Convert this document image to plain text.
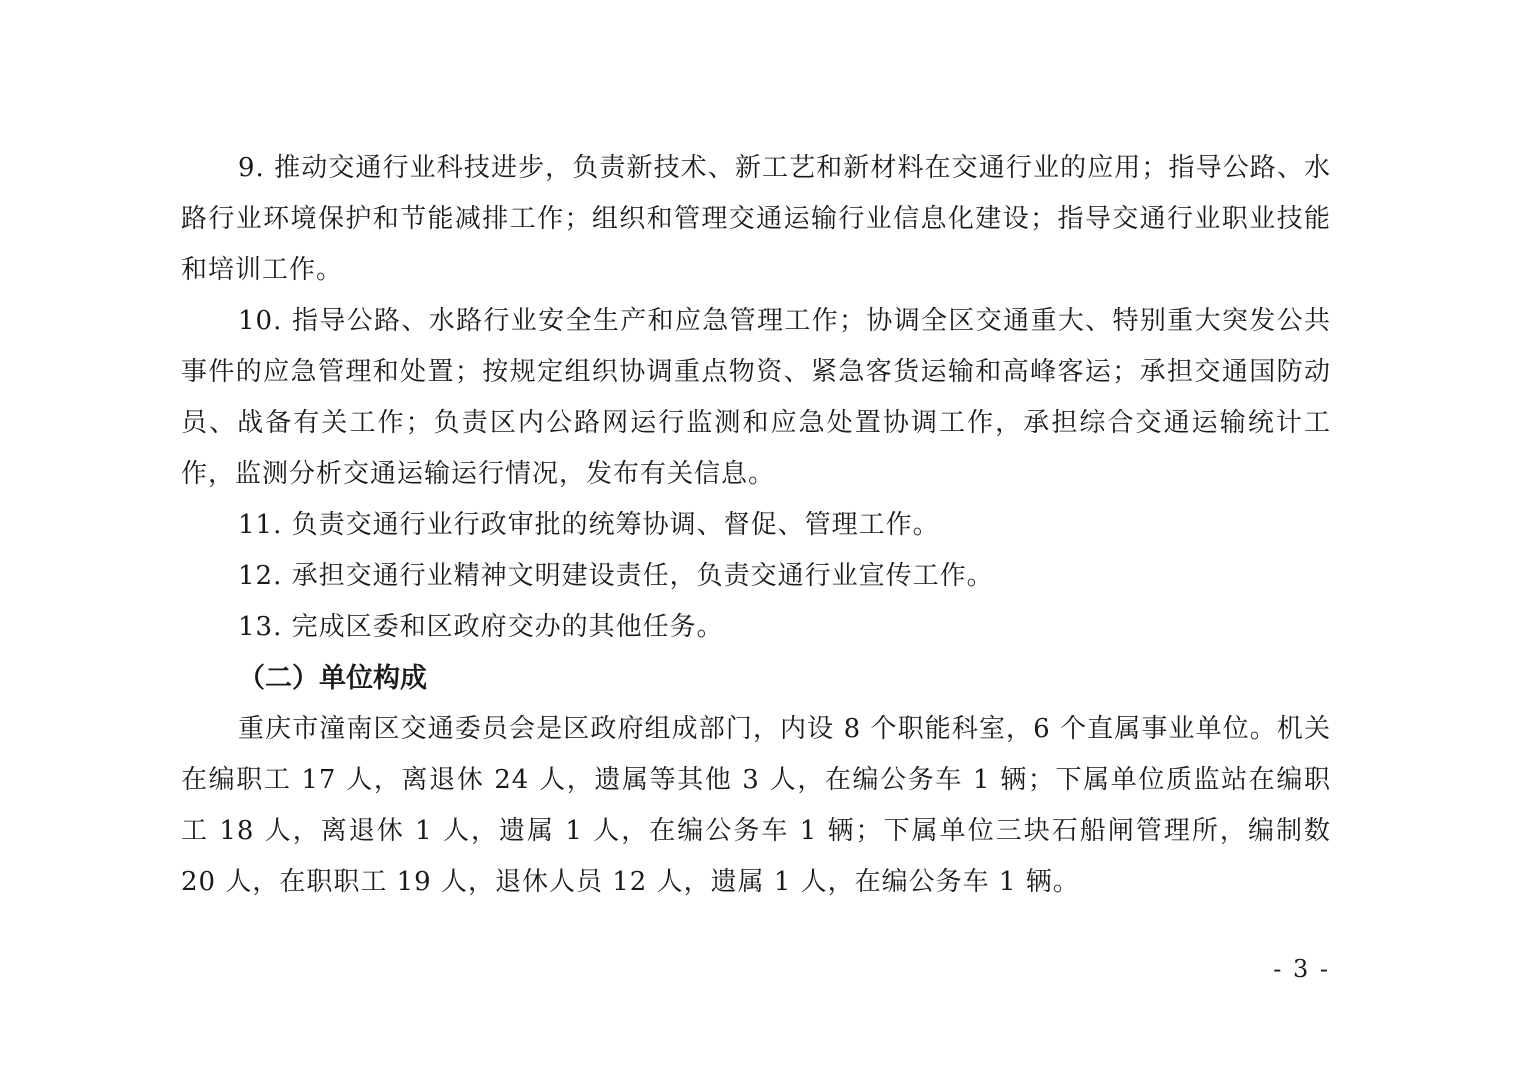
9. 推动交通行业科技进步，负责新技术、新工艺和新材料在交通行业的应用；指导公路、水路行业环境保护和节能减排工作；组织和管理交通运输行业信息化建设；指导交通行业职业技能和培训工作。

10. 指导公路、水路行业安全生产和应急管理工作；协调全区交通重大、特别重大突发公共事件的应急管理和处置；按规定组织协调重点物资、紧急客货运输和高峰客运；承担交通国防动员、战备有关工作；负责区内公路网运行监测和应急处置协调工作，承担综合交通运输统计工作，监测分析交通运输运行情况，发布有关信息。

11. 负责交通行业行政审批的统筹协调、督促、管理工作。

12. 承担交通行业精神文明建设责任，负责交通行业宣传工作。

13. 完成区委和区政府交办的其他任务。

（二）单位构成

重庆市潼南区交通委员会是区政府组成部门，内设 8 个职能科室，6 个直属事业单位。机关在编职工 17 人，离退休 24 人，遗属等其他 3 人，在编公务车 1 辆；下属单位质监站在编职工 18 人，离退休 1 人，遗属 1 人，在编公务车 1 辆；下属单位三块石船闸管理所，编制数 20 人，在职职工 19 人，退休人员 12 人，遗属 1 人，在编公务车 1 辆。

- 3 -
